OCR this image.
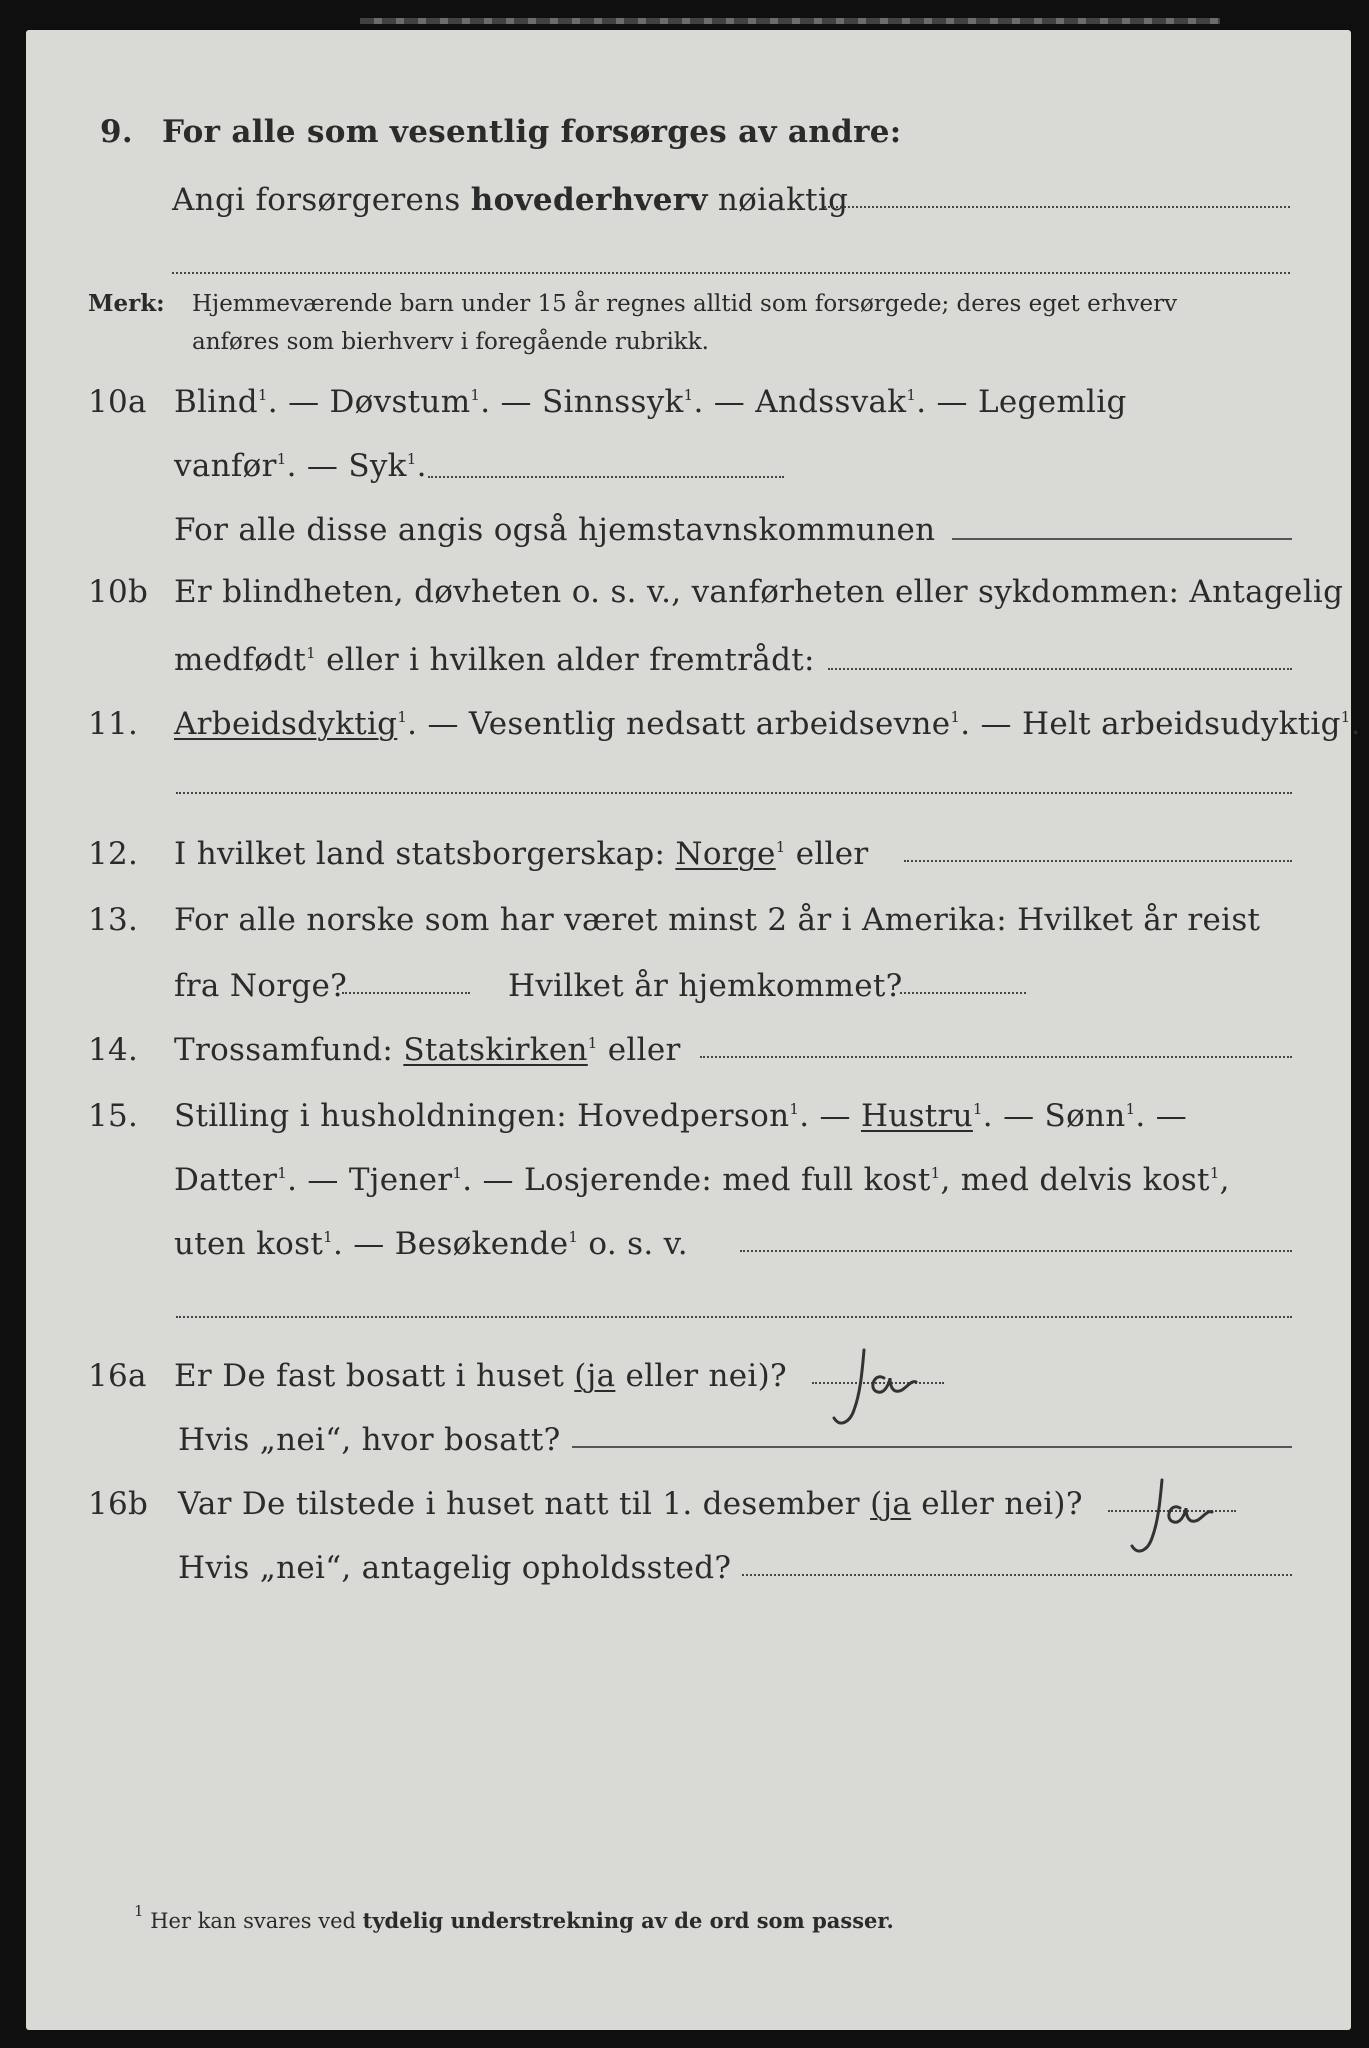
9. For alle som vesentlig forsørges av andre:
Angi forsørgerens hovederhverv nøiaktig
Merk: Hjemmeværende barn under 15 år regnes alltid som forsørgede; deres eget erhverv
anføres som bierhverv i foregående rubrikk.
10a Blind$^1$. — Døvstum$^1$. — Sinnssyk$^1$. — Andssvak$^1$. — Legemlig
vanfør$^1$. — Syk$^1$.
For alle disse angis også hjemstavnskommunen
10b Er blindheten, døvheten o. s. v., vanførheten eller sykdommen: Antagelig
medfødt$^1$ eller i hvilken alder fremtrådt:
11. Arbeidsdyktig$^1$. — Vesentlig nedsatt arbeidsevne$^1$. — Helt arbeidsudyktig$^1$.
12. I hvilket land statsborgerskap: Norge$^1$ eller
13. For alle norske som har været minst 2 år i Amerika: Hvilket år reist
fra Norge?	Hvilket år hjemkommet?
14. Trossamfund: Statskirken$^1$ eller
15. Stilling i husholdningen: Hovedperson$^1$. — Hustru$^1$. — Sønn$^1$. —
Datter$^1$. — Tjener$^1$. — Losjerende: med full kost$^1$, med delvis kost$^1$,
uten kost$^1$. — Besøkende$^1$ o. s. v.
16a Er De fast bosatt i huset (ja eller nei)?
Hvis „nei“, hvor bosatt?
16b Var De tilstede i huset natt til 1. desember (ja eller nei)?
Hvis „nei“, antagelig opholdssted?
$^1$ Her kan svares ved tydelig understrekning av de ord som passer.
